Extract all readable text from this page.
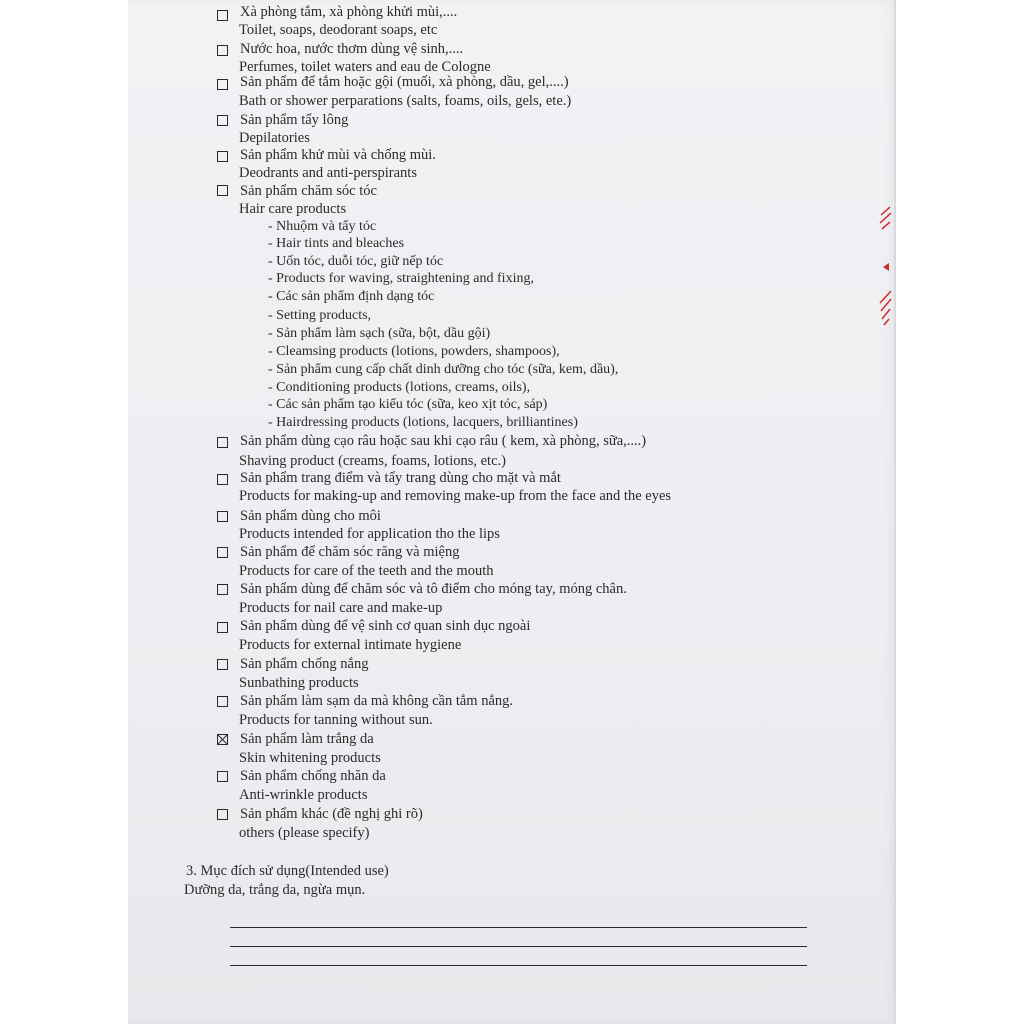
Xà phòng tắm, xà phòng khửi mùi,....
Toilet, soaps, deodorant soaps, etc
Nước hoa, nước thơm dùng vệ sinh,....
Perfumes, toilet waters and eau de Cologne
Sản phẩm để tắm hoặc gội (muối, xà phòng, dầu, gel,....)
Bath or shower perparations (salts, foams, oils, gels, ete.)
Sản phẩm tẩy lông
Depilatories
Sản phẩm khử mùi và chống mùi.
Deodrants and anti-perspirants
Sản phẩm chăm sóc tóc
Hair care products
- Nhuộm và tẩy tóc
- Hair tints and bleaches
- Uốn tóc, duỗi tóc, giữ nếp tóc
- Products for waving, straightening and fixing,
- Các sản phẩm định dạng tóc
- Setting products,
- Sản phẩm làm sạch (sữa, bột, dầu gội)
- Cleamsing products (lotions, powders, shampoos),
- Sản phẩm cung cấp chất dinh dưỡng cho tóc (sữa, kem, dầu),
- Conditioning products (lotions, creams, oils),
- Các sản phẩm tạo kiểu tóc (sữa, keo xịt tóc, sáp)
- Hairdressing products (lotions, lacquers, brilliantines)
Sản phẩm dùng cạo râu hoặc sau khi cạo râu ( kem, xà phòng, sữa,....)
Shaving product (creams, foams, lotions, etc.)
Sản phẩm trang điểm và tẩy trang dùng cho mặt và mắt
Products for making-up and removing make-up from the face and the eyes
Sản phẩm dùng cho môi
Products intended for application tho the lips
Sản phẩm để chăm sóc răng và miệng
Products for care of the teeth and the mouth
Sản phẩm dùng để chăm sóc và tô điểm cho móng tay, móng chân.
Products for nail care and make-up
Sản phẩm dùng để vệ sinh cơ quan sinh dục ngoài
Products for external intimate hygiene
Sản phẩm chống nắng
Sunbathing products
Sản phẩm làm sạm da mà không cần tắm nắng.
Products for tanning without sun.
Sản phẩm làm trắng da
Skin whitening products
Sản phẩm chống nhăn da
Anti-wrinkle products
Sản phẩm khác (đề nghị ghi rõ)
others (please specify)
3. Mục đích sử dụng(Intended use)
Dưỡng da, trắng da, ngừa mụn.
